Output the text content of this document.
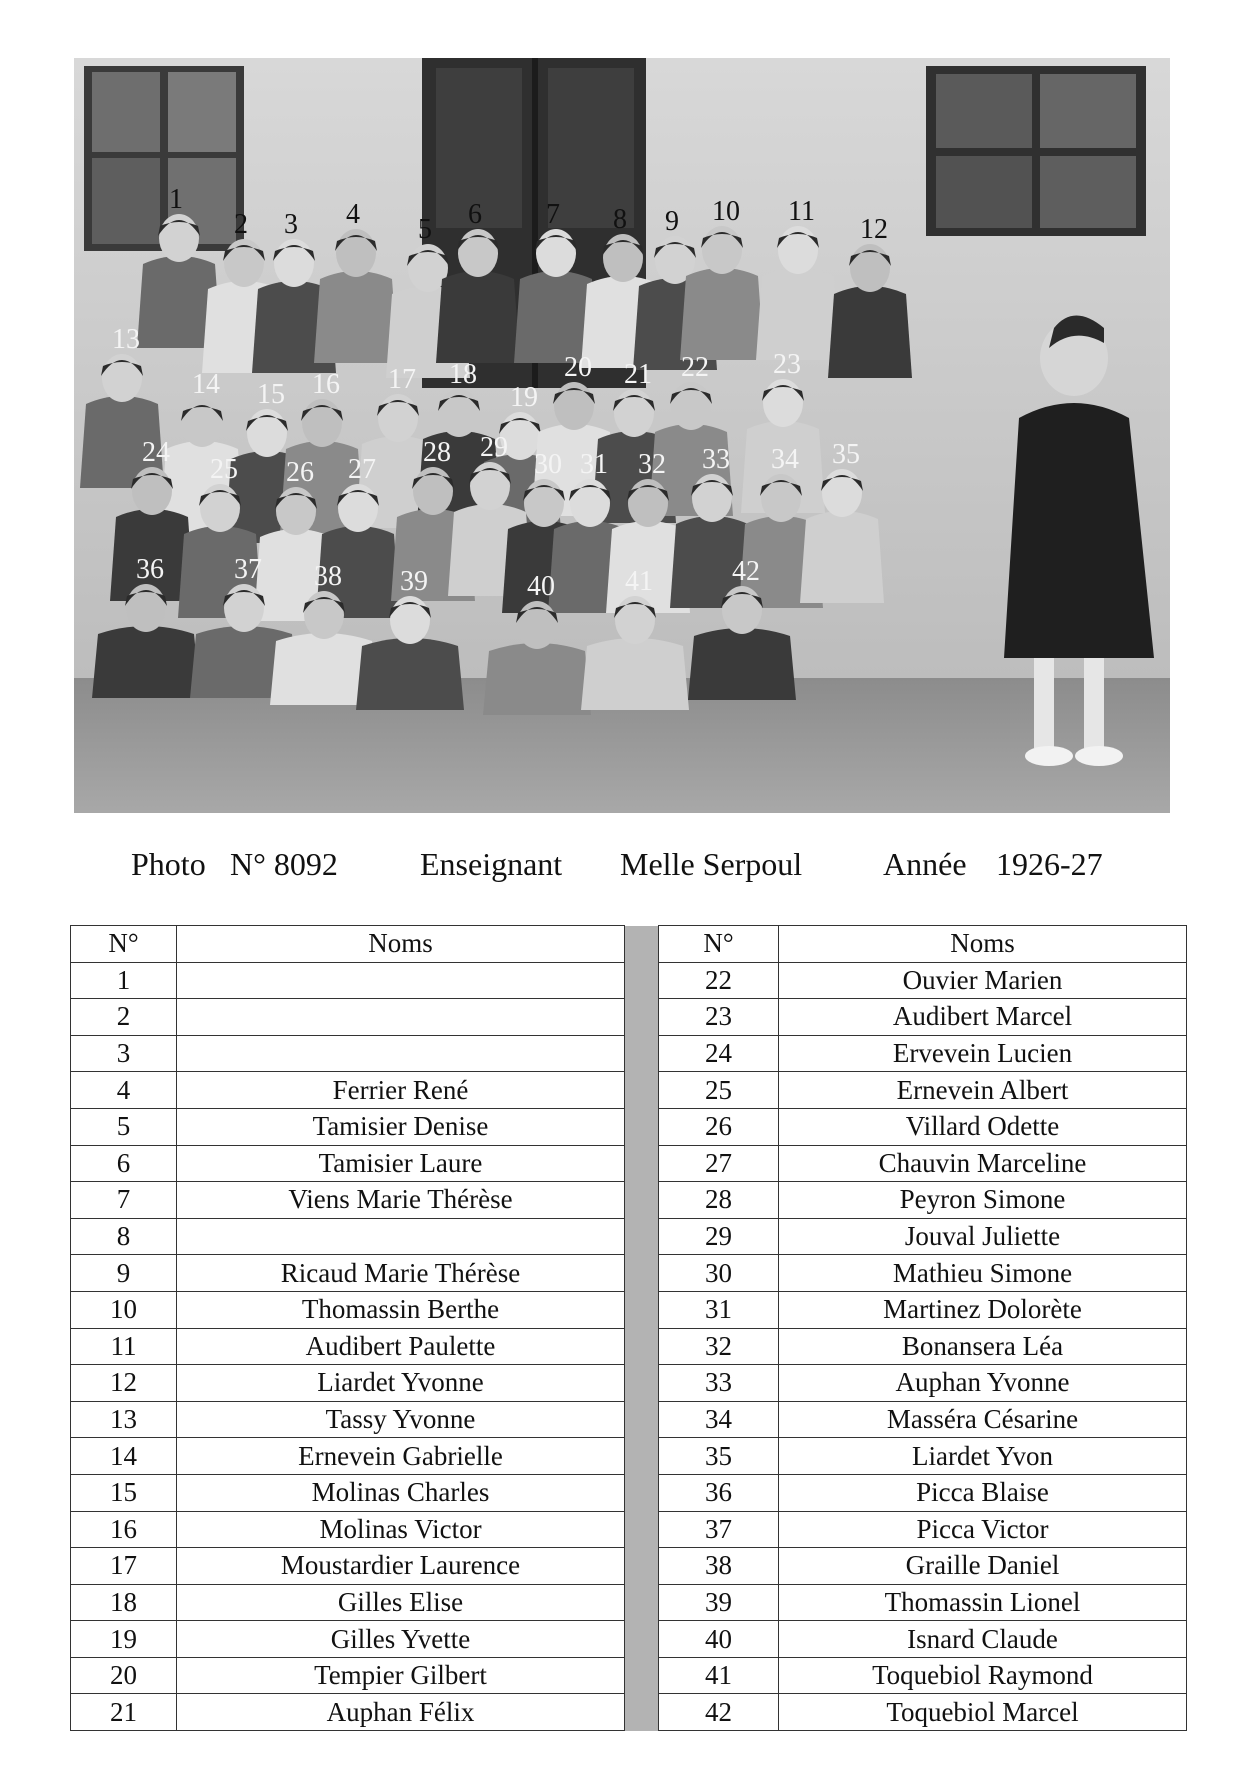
1
2 3 4 5 6 7 8 9 10 11
12
13
14 15 16 17 18
19
20 21 22 23
24
25 26 27
28 29
30 31 32 33 34 35
36	37 38 39	40	41	42
Photo N° 8092	Enseignant Melle Serpoul	Année 1926-27
N°	Noms		N°	Noms
1			22	Ouvier Marien
2			23	Audibert Marcel
3			24	Ervevein Lucien
4	Ferrier René		25	Ernevein Albert
5	Tamisier Denise		26	Villard Odette
6	Tamisier Laure		27	Chauvin Marceline
7	Viens Marie Thérèse		28	Peyron Simone
8			29	Jouval Juliette
9	Ricaud Marie Thérèse		30	Mathieu Simone
10	Thomassin Berthe		31	Martinez Dolorète
11	Audibert Paulette		32	Bonansera Léa
12	Liardet Yvonne		33	Auphan Yvonne
13	Tassy Yvonne		34	Masséra Césarine
14	Ernevein Gabrielle		35	Liardet Yvon
15	Molinas Charles		36	Picca Blaise
16	Molinas Victor		37	Picca Victor
17	Moustardier Laurence		38	Graille Daniel
18	Gilles Elise		39	Thomassin Lionel
19	Gilles Yvette		40	Isnard Claude
20	Tempier Gilbert		41	Toquebiol Raymond
21	Auphan Félix		42	Toquebiol Marcel
